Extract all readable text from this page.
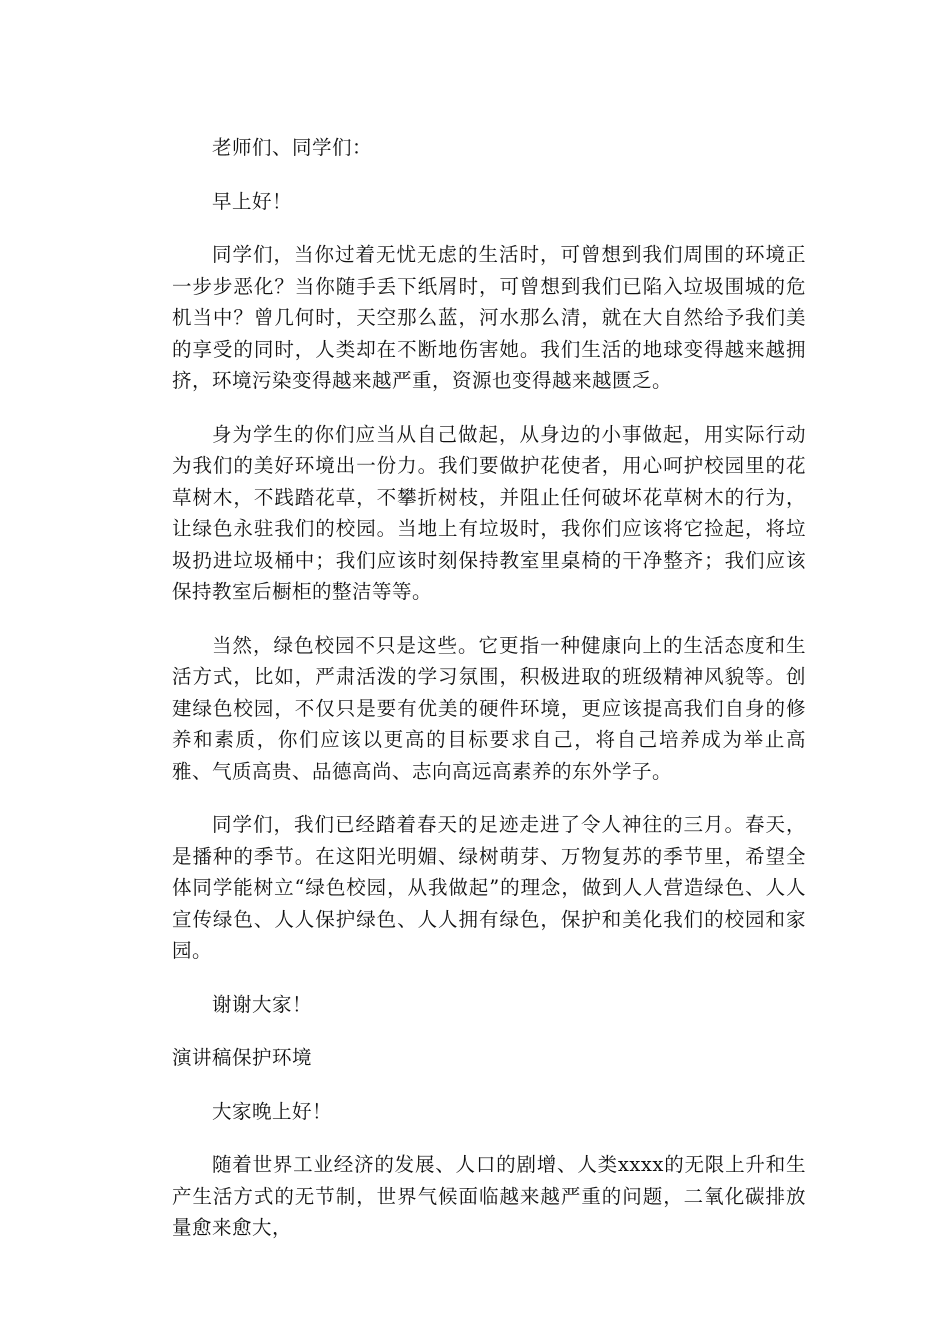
老师们、同学们：

早上好！

同学们，当你过着无忧无虑的生活时，可曾想到我们周围的环境正一步步恶化？当你随手丢下纸屑时，可曾想到我们已陷入垃圾围城的危机当中？曾几何时，天空那么蓝，河水那么清，就在大自然给予我们美的享受的同时，人类却在不断地伤害她。我们生活的地球变得越来越拥挤，环境污染变得越来越严重，资源也变得越来越匮乏。

身为学生的你们应当从自己做起，从身边的小事做起，用实际行动为我们的美好环境出一份力。我们要做护花使者，用心呵护校园里的花草树木，不践踏花草，不攀折树枝，并阻止任何破坏花草树木的行为，让绿色永驻我们的校园。当地上有垃圾时，我你们应该将它捡起，将垃圾扔进垃圾桶中；我们应该时刻保持教室里桌椅的干净整齐；我们应该保持教室后橱柜的整洁等等。

当然，绿色校园不只是这些。它更指一种健康向上的生活态度和生活方式，比如，严肃活泼的学习氛围，积极进取的班级精神风貌等。创建绿色校园，不仅只是要有优美的硬件环境，更应该提高我们自身的修养和素质，你们应该以更高的目标要求自己，将自己培养成为举止高雅、气质高贵、品德高尚、志向高远高素养的东外学子。

同学们，我们已经踏着春天的足迹走进了令人神往的三月。春天，是播种的季节。在这阳光明媚、绿树萌芽、万物复苏的季节里，希望全体同学能树立“绿色校园，从我做起”的理念，做到人人营造绿色、人人宣传绿色、人人保护绿色、人人拥有绿色，保护和美化我们的校园和家园。

谢谢大家！

演讲稿保护环境

大家晚上好！

随着世界工业经济的发展、人口的剧增、人类xxxx的无限上升和生产生活方式的无节制，世界气候面临越来越严重的问题，二氧化碳排放量愈来愈大，
